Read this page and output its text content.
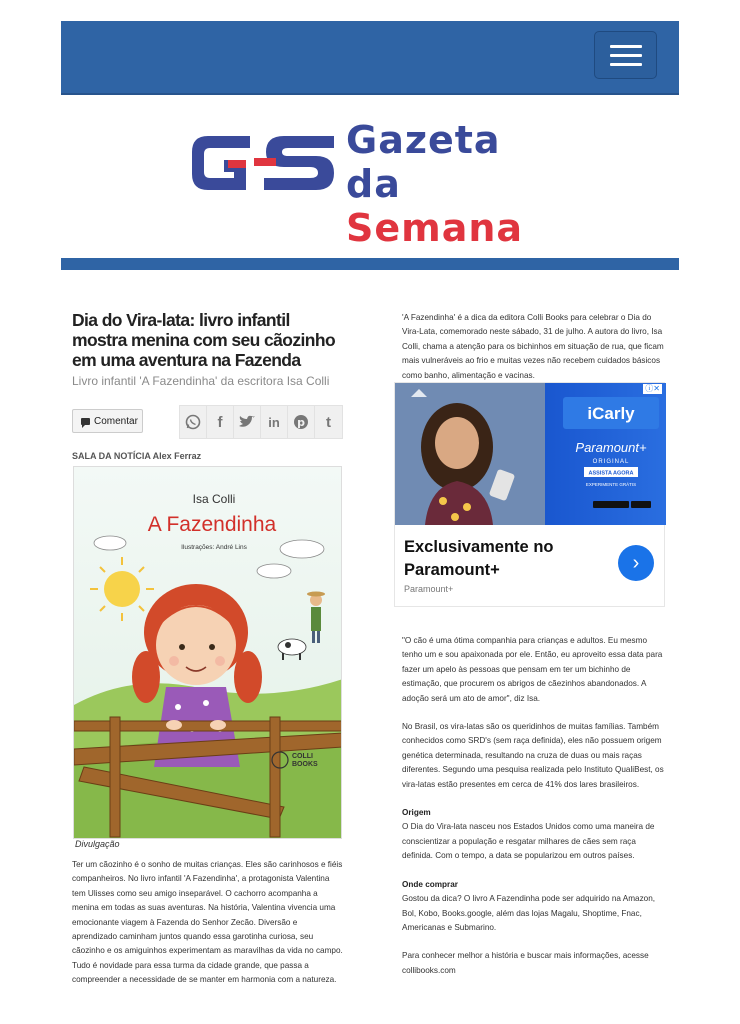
Gazeta da
Semana
Dia do Vira-lata: livro infantil mostra menina com seu cãozinho em uma aventura na Fazenda
Livro infantil 'A Fazendinha' da escritora Isa Colli
Comentar	f	in	p	t
SALA DA NOTÍCIA Alex Ferraz
Isa Colli
A Fazendinha
Ilustrações: André Lins
COLLI
BOOKS
Divulgação

Ter um cãozinho é o sonho de muitas crianças. Eles são carinhosos e fiéis companheiros. No livro infantil 'A Fazendinha', a protagonista Valentina tem Ulisses como seu amigo inseparável. O cachorro acompanha a menina em todas as suas aventuras. Na história, Valentina vivencia uma emocionante viagem à Fazenda do Senhor Zecão. Diversão e aprendizado caminham juntos quando essa garotinha curiosa, seu cãozinho e os amiguinhos experimentam as maravilhas da vida no campo. Tudo é novidade para essa turma da cidade grande, que passa a compreender a necessidade de se manter em harmonia com a natureza.

'A Fazendinha' é a dica da editora Colli Books para celebrar o Dia do Vira-Lata, comemorado neste sábado, 31 de julho. A autora do livro, Isa Colli, chama a atenção para os bichinhos em situação de rua, que ficam mais vulneráveis ao frio e muitas vezes não recebem cuidados básicos como banho, alimentação e vacinas.

iCarly
Paramount+
ORIGINAL
ASSISTA AGORA
EXPERIMENTE GRÁTIS
ⓘ✕
Exclusivamente no Paramount+
Paramount+
›

"O cão é uma ótima companhia para crianças e adultos. Eu mesmo tenho um e sou apaixonada por ele. Então, eu aproveito essa data para fazer um apelo às pessoas que pensam em ter um bichinho de estimação, que procurem os abrigos de cãezinhos abandonados. A adoção será um ato de amor", diz Isa.

No Brasil, os vira-latas são os queridinhos de muitas famílias. Também conhecidos como SRD's (sem raça definida), eles não possuem origem genética determinada, resultando na cruza de duas ou mais raças diferentes. Segundo uma pesquisa realizada pelo Instituto QualiBest, os vira-latas estão presentes em cerca de 41% dos lares brasileiros.

Origem

O Dia do Vira-lata nasceu nos Estados Unidos como uma maneira de conscientizar a população e resgatar milhares de cães sem raça definida. Com o tempo, a data se popularizou em outros países.

Onde comprar

Gostou da dica? O livro A Fazendinha pode ser adquirido na Amazon, Bol, Kobo, Books.google, além das lojas Magalu, Shoptime, Fnac, Americanas e Submarino.

Para conhecer melhor a história e buscar mais informações, acesse collibooks.com
